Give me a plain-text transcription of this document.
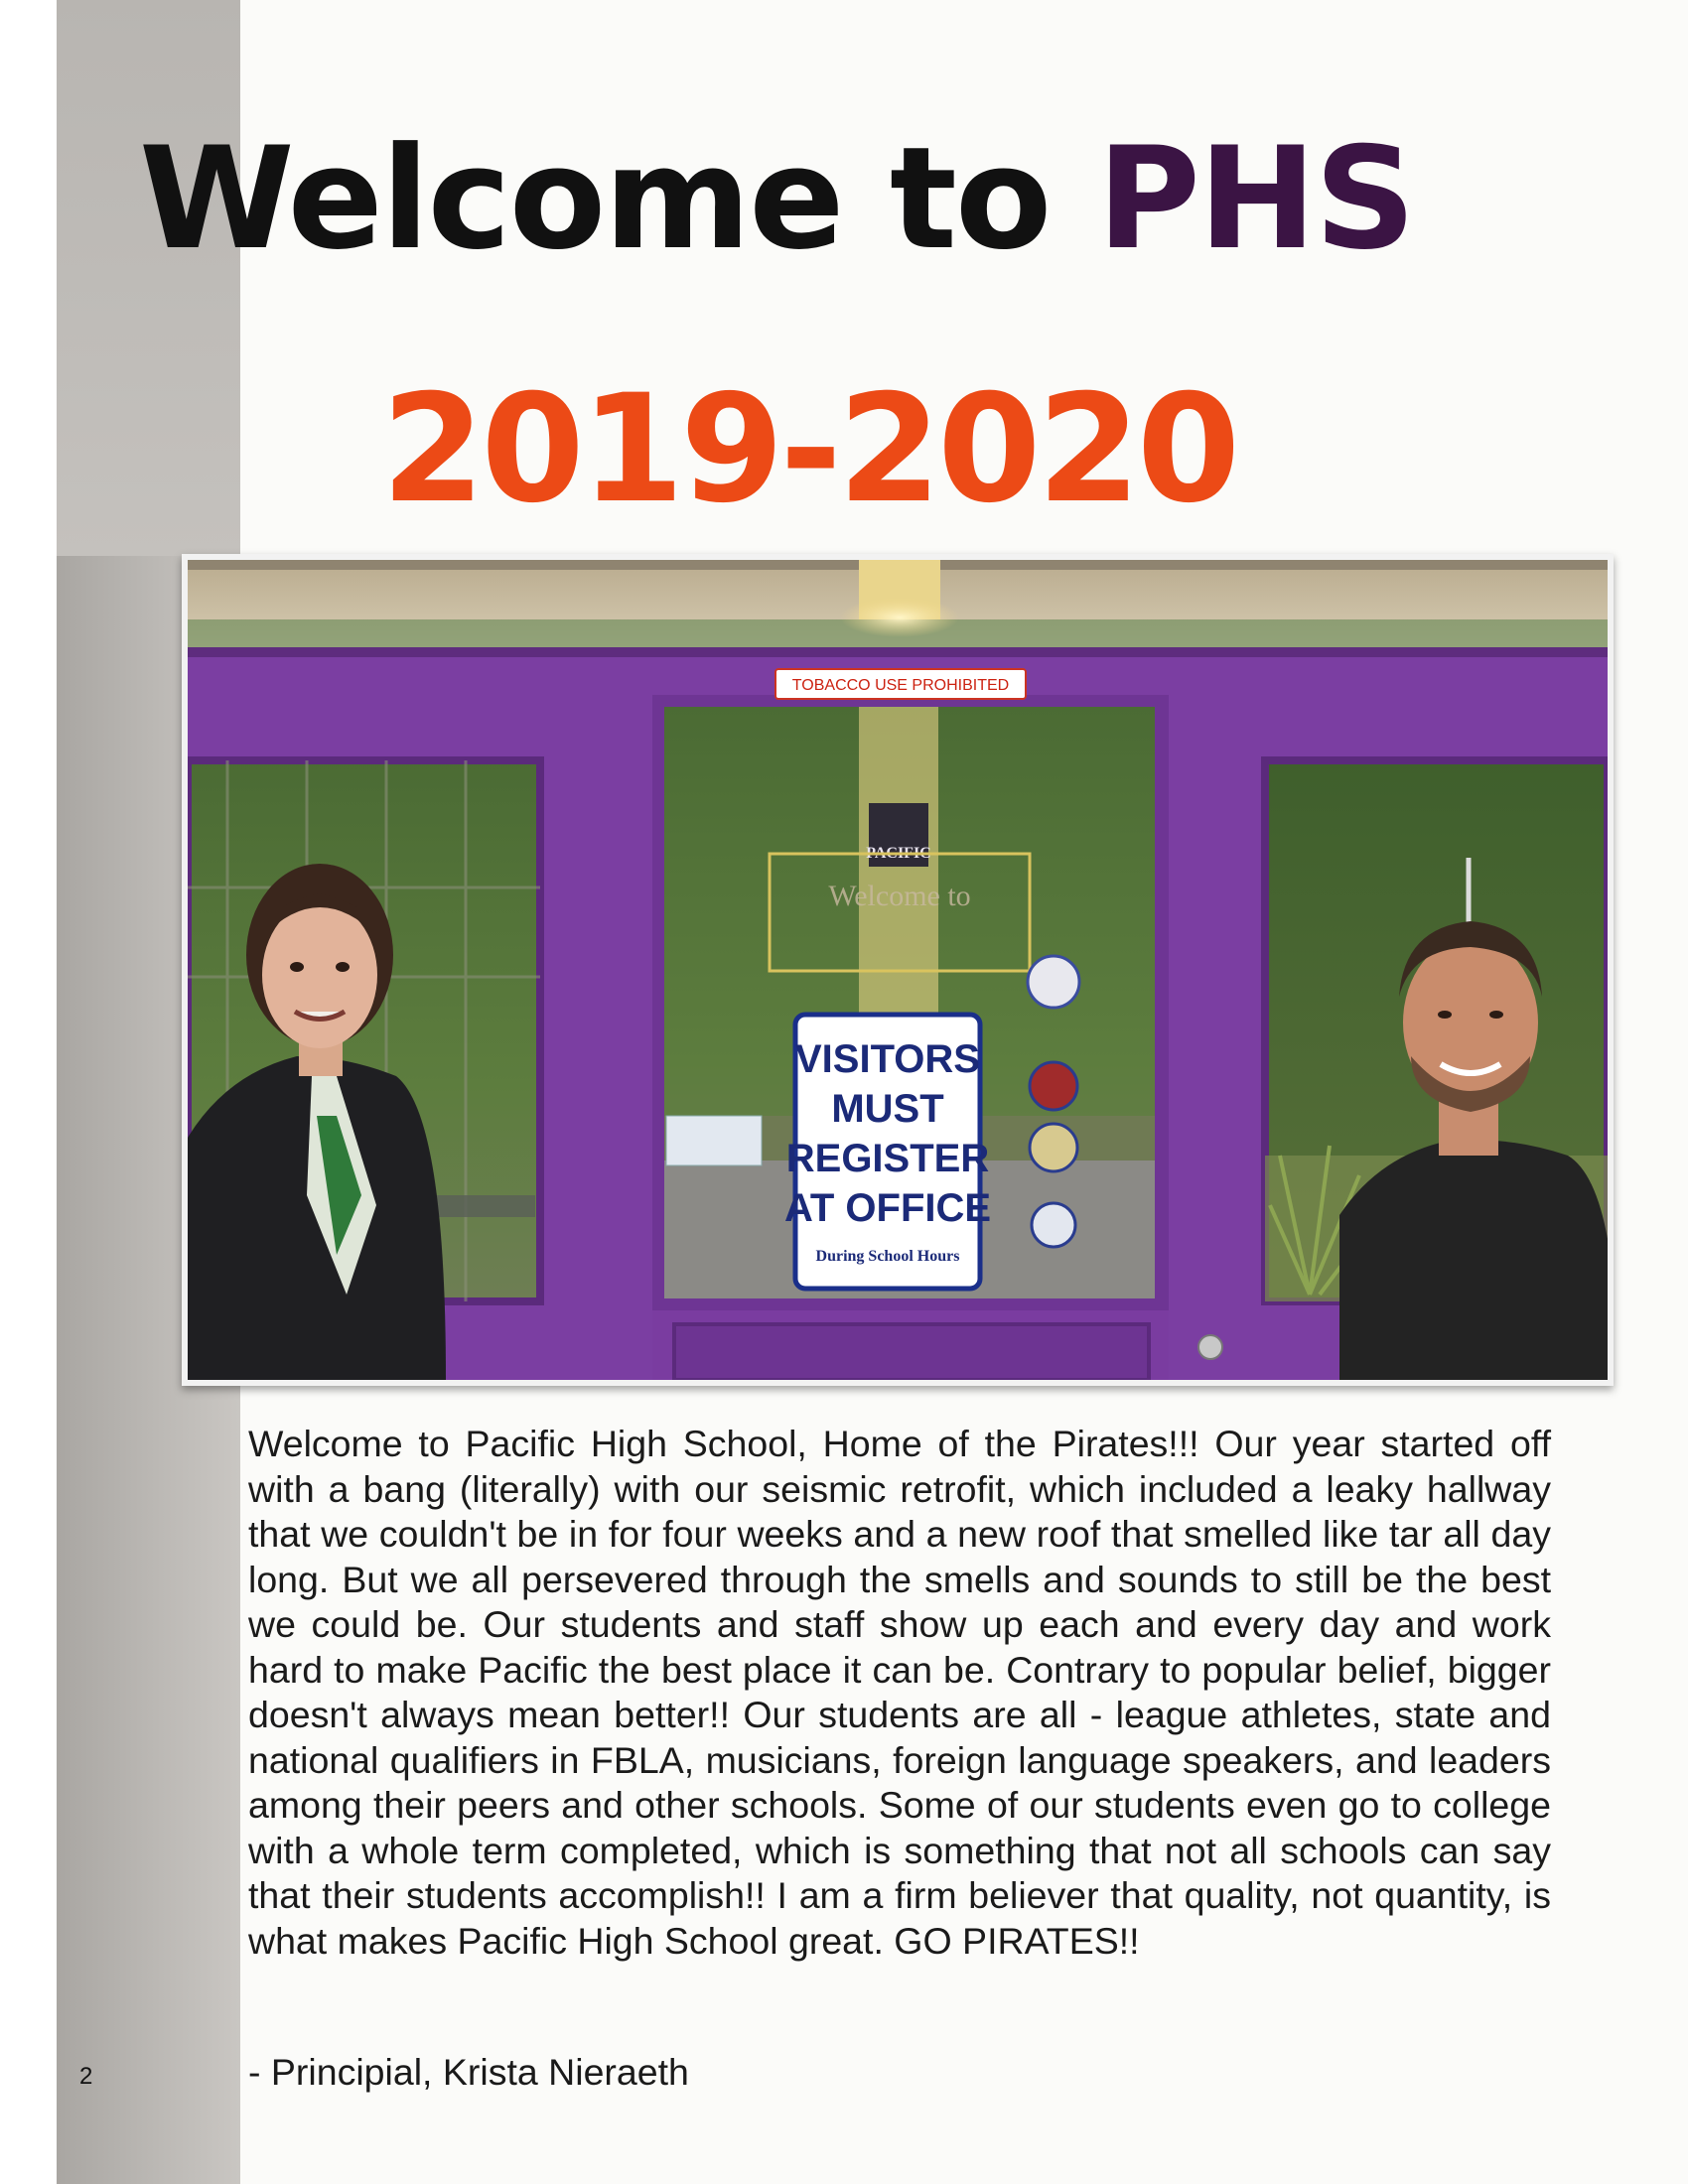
Welcome to PHS
2019-2020
TOBACCO USE PROHIBITED
PACIFIC
Welcome to
VISITORS
MUST
REGISTER
AT OFFICE
During School Hours

Welcome to Pacific High School, Home of the Pirates!!! Our year started off with a bang (literally) with our seismic retrofit, which included a leaky hallway that we couldn't be in for four weeks and a new roof that smelled like tar all day long. But we all persevered through the smells and sounds to still be the best we could be. Our students and staff show up each and every day and work hard to make Pacific the best place it can be. Contrary to popular belief, bigger doesn't always mean better!! Our students are all - league athletes, state and national qualifiers in FBLA, musicians, foreign language speakers, and leaders among their peers and other schools. Some of our students even go to college with a whole term completed, which is something that not all schools can say that their students accomplish!! I am a firm believer that quality, not quantity, is what makes Pacific High School great. GO PIRATES!!

- Principial, Krista Nieraeth

2
